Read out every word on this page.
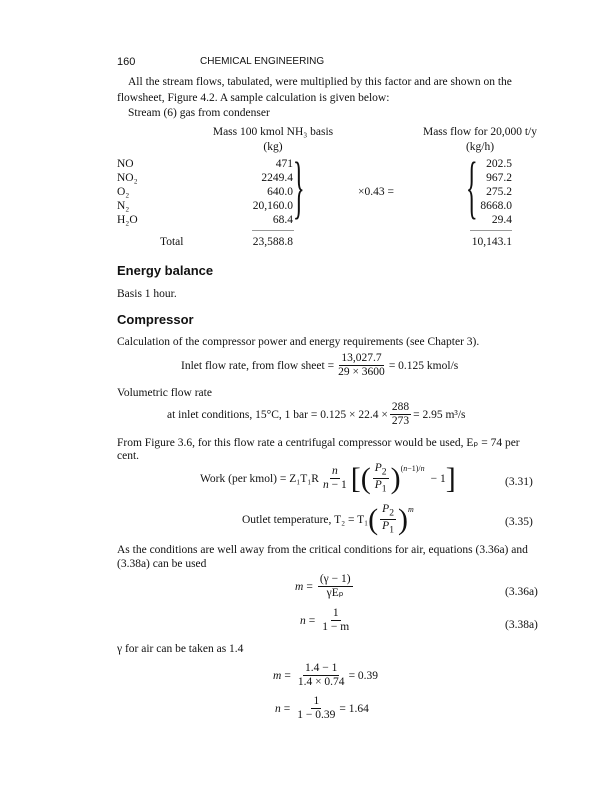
160	CHEMICAL ENGINEERING
All the stream flows, tabulated, were multiplied by this factor and are shown on the
flowsheet, Figure 4.2. A sample calculation is given below:
Stream (6) gas from condenser
Mass 100 kmol NH₃ basis
(kg)
Mass flow for 20,000 t/y
(kg/h)
NO	471	202.5
NO₂	2249.4	967.2
O₂	640.0	275.2
N₂	20,160.0	8668.0
H₂O	68.4	29.4
}	×0.43 = {
Total	23,588.8	10,143.1
Energy balance
Basis 1 hour.
Compressor
Calculation of the compressor power and energy requirements (see Chapter 3).
Inlet flow rate, from flow sheet = $\frac{13,027.7}{29 \times 3600} = 0.125$ kmol/s
Volumetric flow rate
at inlet conditions, 15°C, 1 bar = $0.125 \times 22.4 \times \frac{288}{273} = 2.95$ m³/s
From Figure 3.6, for this flow rate a centrifugal compressor would be used, Eₚ = 74 per
cent.
Work (per kmol) = $Z_1T_1R \frac{n}{n - 1}$ [ ( $\frac{P_2}{P_1} )^{(n-1)/n}$
− 1 ]	(3.31)
Outlet temperature, T₂ = T₁ ( $\frac{P_2}{P_1}$ ) $^m$
(3.35)
As the conditions are well away from the critical conditions for air, equations (3.36a) and
(3.38a) can be used
$m = \frac{(\gamma - 1)}{\text{γEₚ}}$	(3.36a)
$n = \frac{1}{1 - m}$	(3.38a)
γ for air can be taken as 1.4
$m = \frac{1.4 - 1}{1.4 \times 0.74} = 0.39$
$n = \frac{1}{1 - 0.39} = 1.64$
